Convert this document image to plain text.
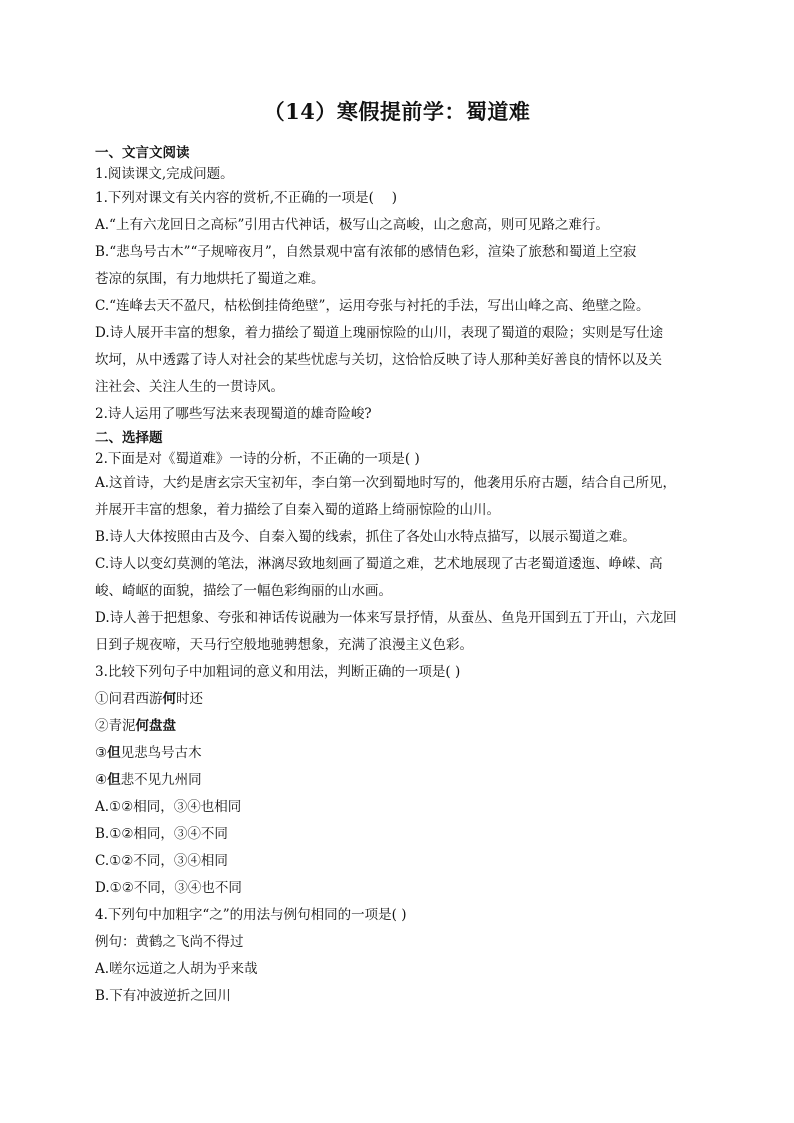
（14）寒假提前学：蜀道难
一、文言文阅读
1.阅读课文,完成问题。
1.下列对课文有关内容的赏析,不正确的一项是(　 )
A.“上有六龙回日之高标”引用古代神话，极写山之高峻，山之愈高，则可见路之难行。
B.“悲鸟号古木”“子规啼夜月”，自然景观中富有浓郁的感情色彩，渲染了旅愁和蜀道上空寂
苍凉的氛围，有力地烘托了蜀道之难。
C.“连峰去天不盈尺，枯松倒挂倚绝壁”，运用夸张与衬托的手法，写出山峰之高、绝壁之险。
D.诗人展开丰富的想象，着力描绘了蜀道上瑰丽惊险的山川，表现了蜀道的艰险；实则是写仕途
坎坷，从中透露了诗人对社会的某些忧虑与关切，这恰恰反映了诗人那种美好善良的情怀以及关
注社会、关注人生的一贯诗风。
2.诗人运用了哪些写法来表现蜀道的雄奇险峻?
二、选择题
2.下面是对《蜀道难》一诗的分析，不正确的一项是( )
A.这首诗，大约是唐玄宗天宝初年，李白第一次到蜀地时写的，他袭用乐府古题，结合自己所见，
并展开丰富的想象，着力描绘了自秦入蜀的道路上绮丽惊险的山川。
B.诗人大体按照由古及今、自秦入蜀的线索，抓住了各处山水特点描写，以展示蜀道之难。
C.诗人以变幻莫测的笔法，淋漓尽致地刻画了蜀道之难，艺术地展现了古老蜀道逶迤、峥嵘、高
峻、崎岖的面貌，描绘了一幅色彩绚丽的山水画。
D.诗人善于把想象、夸张和神话传说融为一体来写景抒情，从蚕丛、鱼凫开国到五丁开山，六龙回
日到子规夜啼，天马行空般地驰骋想象，充满了浪漫主义色彩。
3.比较下列句子中加粗词的意义和用法，判断正确的一项是( )
①问君西游何时还
②青泥何盘盘
③但见悲鸟号古木
④但悲不见九州同
A.①②相同，③④也相同
B.①②相同，③④不同
C.①②不同，③④相同
D.①②不同，③④也不同
4.下列句中加粗字“之”的用法与例句相同的一项是( )
例句：黄鹤之飞尚不得过
A.嗟尔远道之人胡为乎来哉
B.下有冲波逆折之回川
